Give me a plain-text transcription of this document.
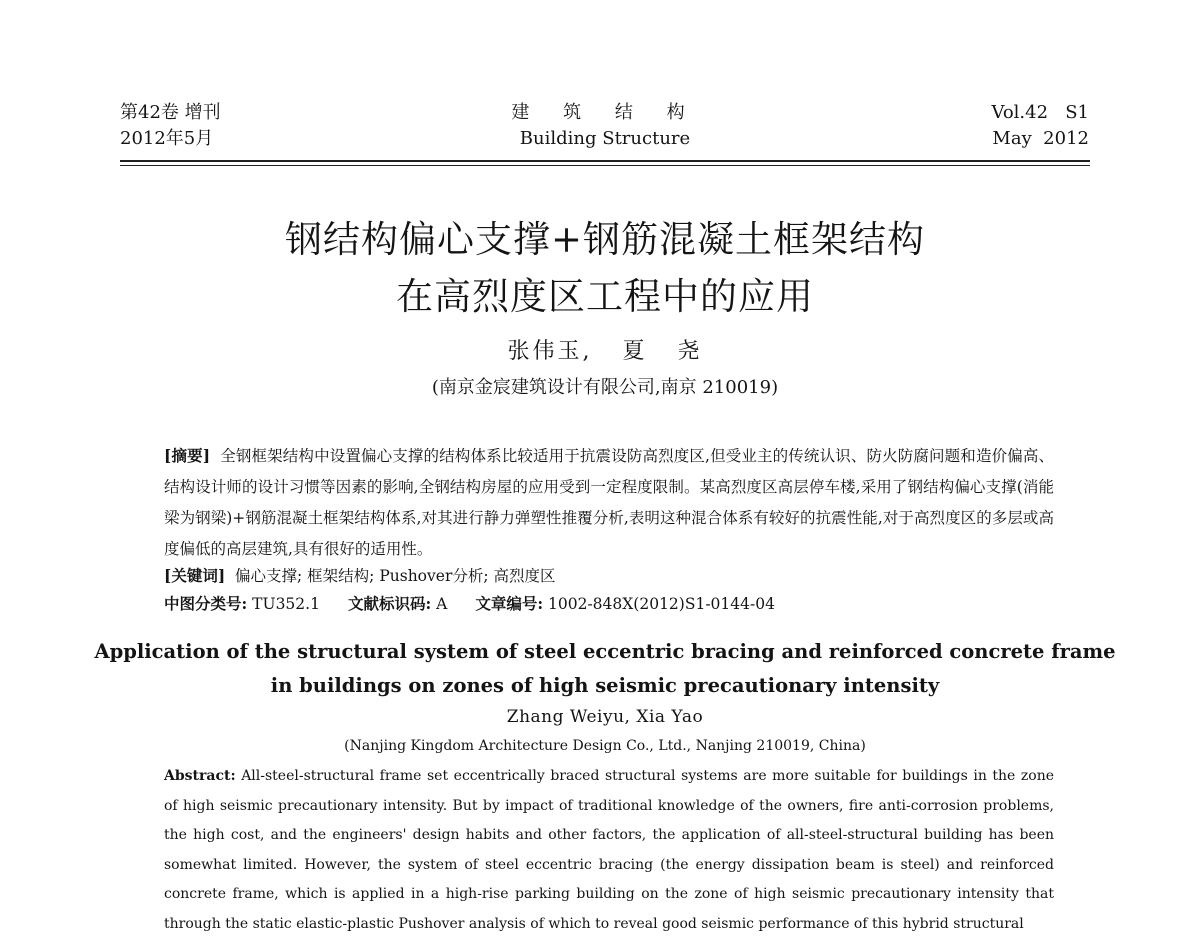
第42卷 增刊
2012年5月
建 筑 结 构
Building Structure
Vol.42   S1
May  2012
钢结构偏心支撑+钢筋混凝土框架结构
在高烈度区工程中的应用
张伟玉,   夏   尧
(南京金宸建筑设计有限公司,南京 210019)
[摘要] 全钢框架结构中设置偏心支撑的结构体系比较适用于抗震设防高烈度区,但受业主的传统认识、防火防腐问题和造价偏高、结构设计师的设计习惯等因素的影响,全钢结构房屋的应用受到一定程度限制。某高烈度区高层停车楼,采用了钢结构偏心支撑(消能梁为钢梁)+钢筋混凝土框架结构体系,对其进行静力弹塑性推覆分析,表明这种混合体系有较好的抗震性能,对于高烈度区的多层或高度偏低的高层建筑,具有很好的适用性。
[关键词] 偏心支撑; 框架结构; Pushover分析; 高烈度区
中图分类号: TU352.1 文献标识码: A 文章编号: 1002-848X(2012)S1-0144-04
Application of the structural system of steel eccentric bracing and reinforced concrete frame
in buildings on zones of high seismic precautionary intensity
Zhang Weiyu, Xia Yao
(Nanjing Kingdom Architecture Design Co., Ltd., Nanjing 210019, China)
Abstract: All-steel-structural frame set eccentrically braced structural systems are more suitable for buildings in the zone of high seismic precautionary intensity. But by impact of traditional knowledge of the owners, fire anti-corrosion problems, the high cost, and the engineers' design habits and other factors, the application of all-steel-structural building has been somewhat limited. However, the system of steel eccentric bracing (the energy dissipation beam is steel) and reinforced concrete frame, which is applied in a high-rise parking building on the zone of high seismic precautionary intensity that through the static elastic-plastic Pushover analysis of which to reveal good seismic performance of this hybrid structural
